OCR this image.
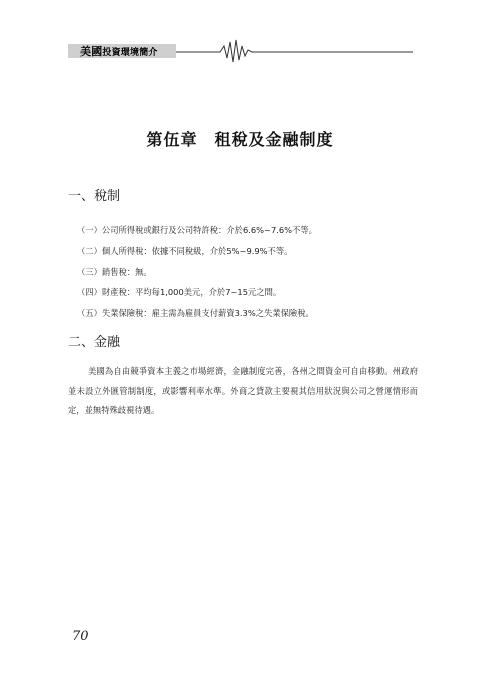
美國投資環境簡介
第伍章　租稅及金融制度
一、稅制
（一）公司所得稅或銀行及公司特許稅：介於6.6%~7.6%不等。
（二）個人所得稅：依據不同稅級，介於5%~9.9%不等。
（三）銷售稅：無。
（四）財產稅：平均每1,000美元，介於7~15元之間。
（五）失業保險稅：雇主需為雇員支付薪資3.3%之失業保險稅。
二、金融
美國為自由競爭資本主義之市場經濟，金融制度完善，各州之間資金可自由移動。州政府並未設立外匯管制制度，或影響利率水準。外商之貸款主要視其信用狀況與公司之營運情形而定，並無特殊歧視待遇。
70
